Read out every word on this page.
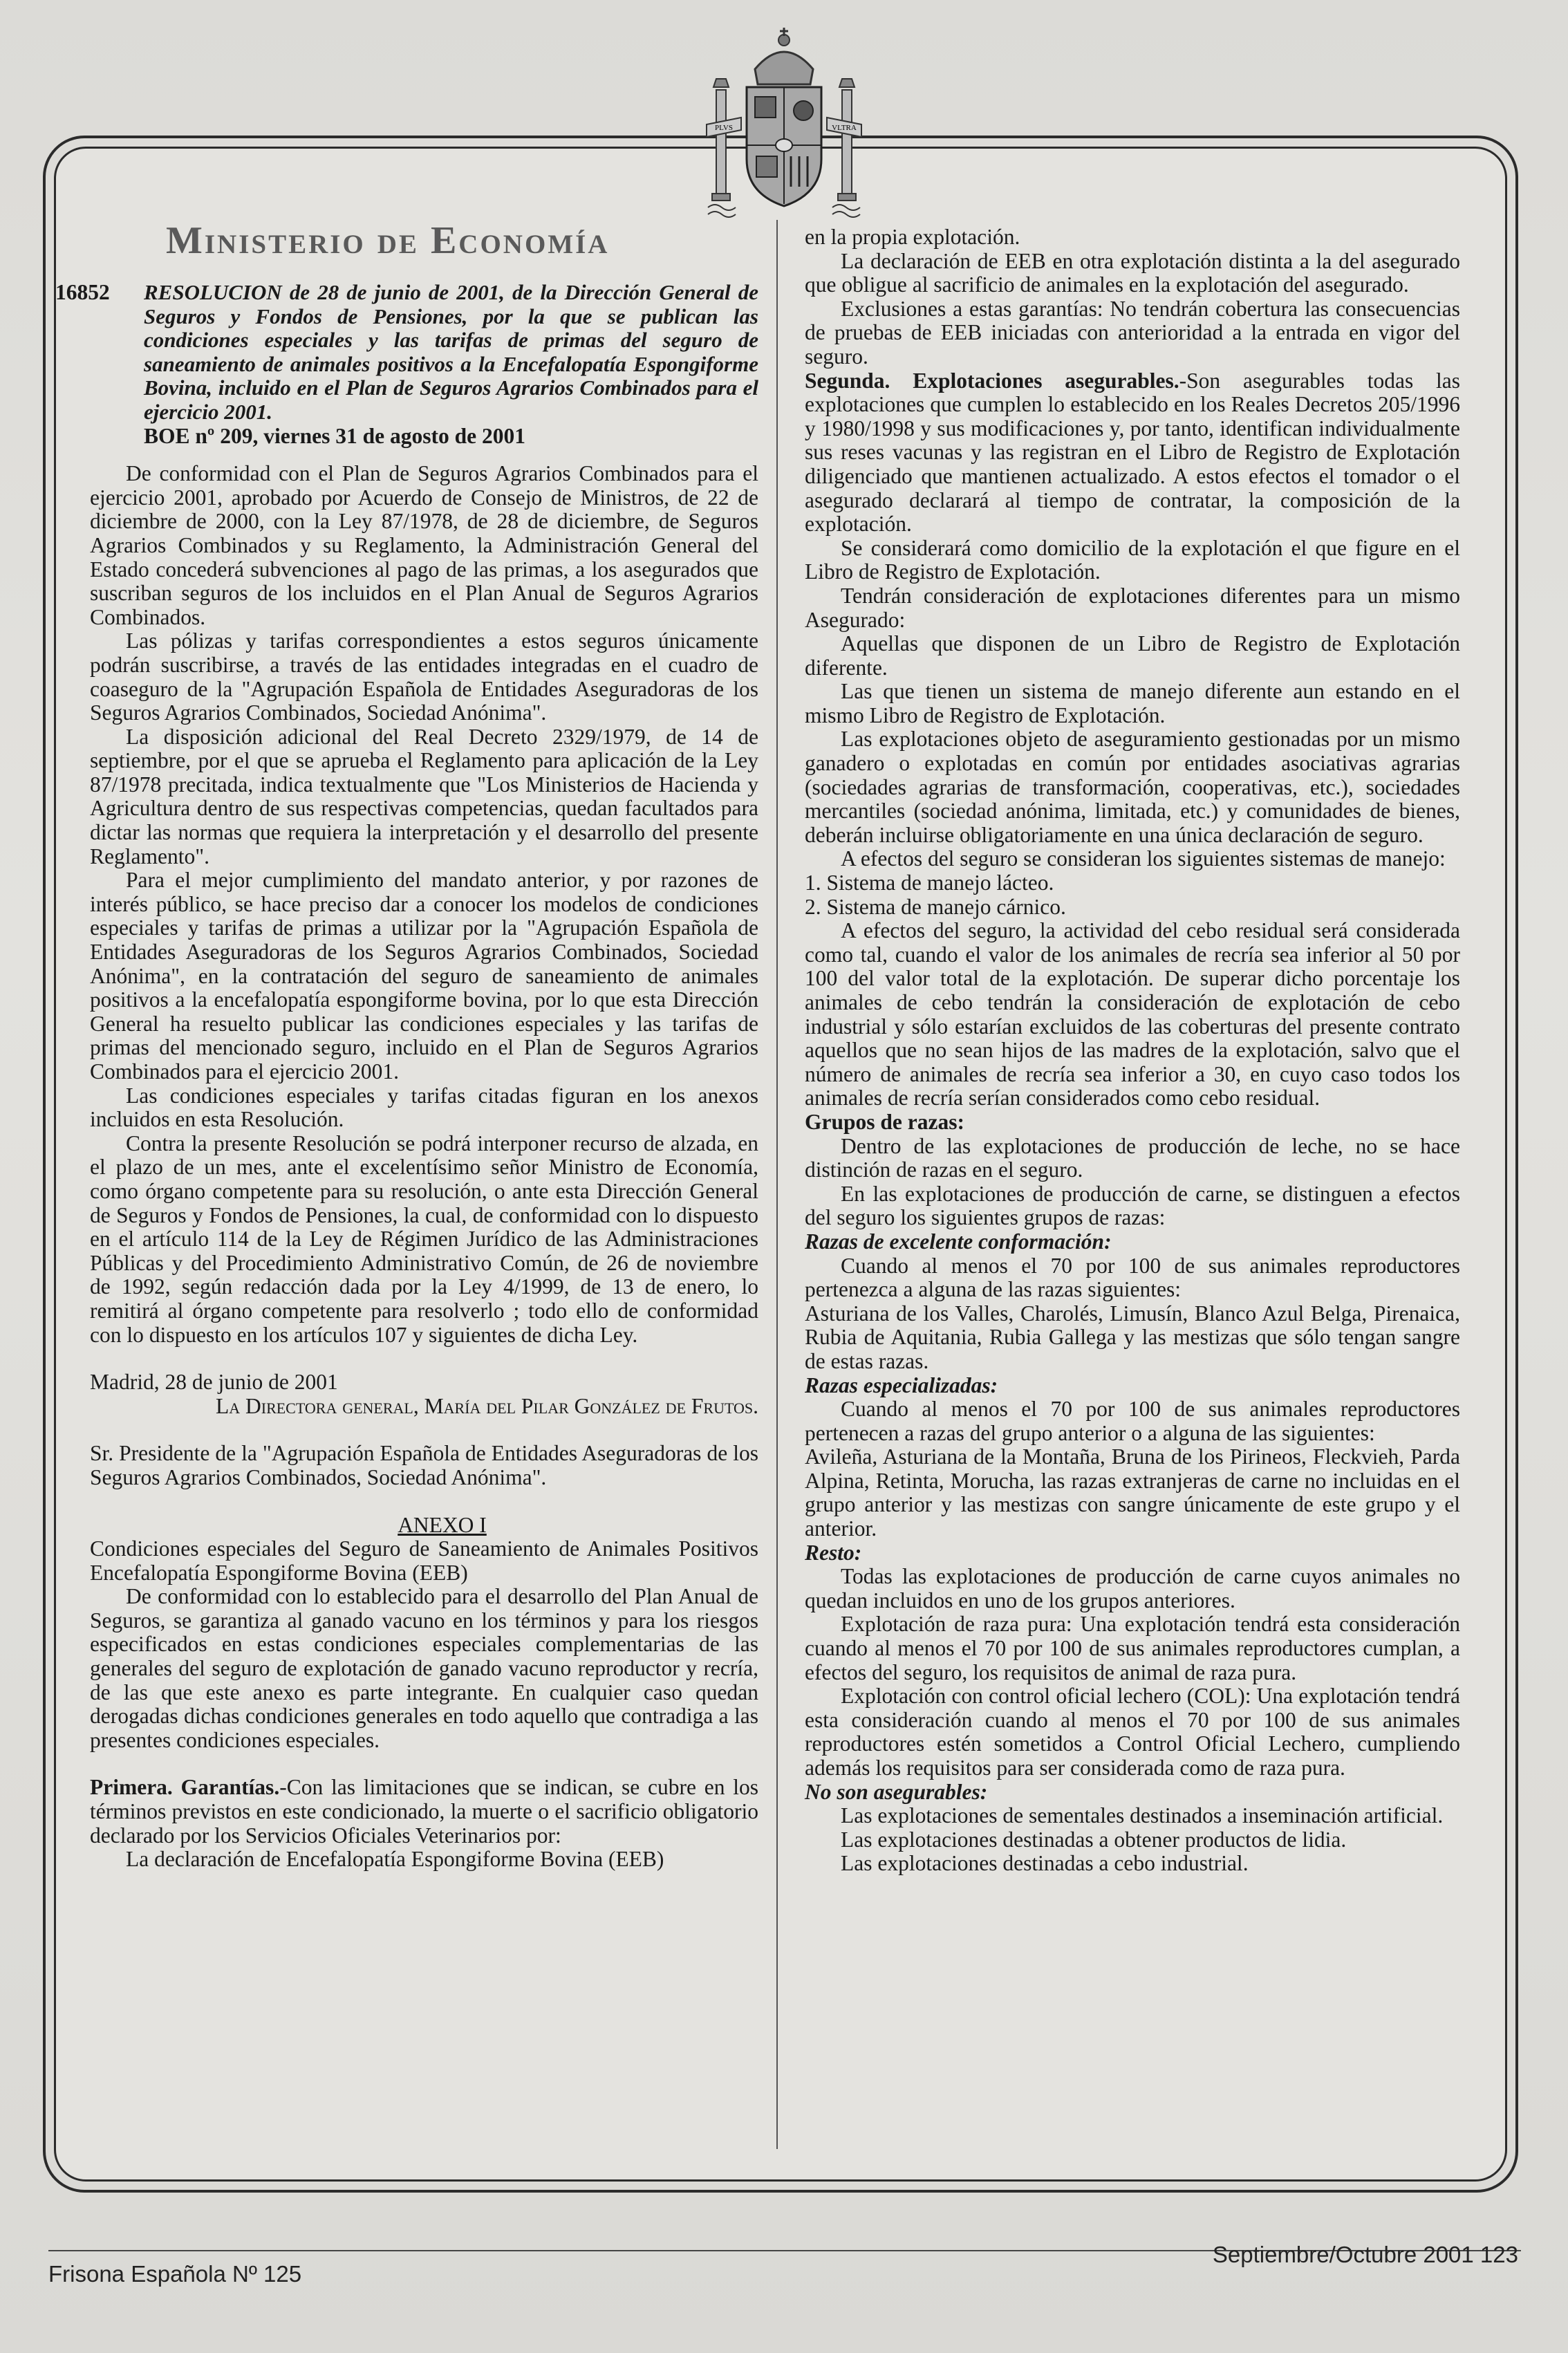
PLVS	VLTRA
Ministerio de Economía
16852	RESOLUCION de 28 de junio de 2001, de la Dirección General de Seguros y Fondos de Pensiones, por la que se publican las condiciones especiales y las tarifas de primas del seguro de saneamiento de animales positivos a la Encefalopatía Espongiforme Bovina, incluido en el Plan de Seguros Agrarios Combinados para el ejercicio 2001.
BOE nº 209, viernes 31 de agosto de 2001

De conformidad con el Plan de Seguros Agrarios Combinados para el ejercicio 2001, aprobado por Acuerdo de Consejo de Ministros, de 22 de diciembre de 2000, con la Ley 87/1978, de 28 de diciembre, de Seguros Agrarios Combinados y su Reglamento, la Administración General del Estado concederá subvenciones al pago de las primas, a los asegurados que suscriban seguros de los incluidos en el Plan Anual de Seguros Agrarios Combinados.

Las pólizas y tarifas correspondientes a estos seguros únicamente podrán suscribirse, a través de las entidades integradas en el cuadro de coaseguro de la "Agrupación Española de Entidades Aseguradoras de los Seguros Agrarios Combinados, Sociedad Anónima".

La disposición adicional del Real Decreto 2329/1979, de 14 de septiembre, por el que se aprueba el Reglamento para aplicación de la Ley 87/1978 precitada, indica textualmente que "Los Ministerios de Hacienda y Agricultura dentro de sus respectivas competencias, quedan facultados para dictar las normas que requiera la interpretación y el desarrollo del presente Reglamento".

Para el mejor cumplimiento del mandato anterior, y por razones de interés público, se hace preciso dar a conocer los modelos de condiciones especiales y tarifas de primas a utilizar por la "Agrupación Española de Entidades Aseguradoras de los Seguros Agrarios Combinados, Sociedad Anónima", en la contratación del seguro de saneamiento de animales positivos a la encefalopatía espongiforme bovina, por lo que esta Dirección General ha resuelto publicar las condiciones especiales y las tarifas de primas del mencionado seguro, incluido en el Plan de Seguros Agrarios Combinados para el ejercicio 2001.

Las condiciones especiales y tarifas citadas figuran en los anexos incluidos en esta Resolución.

Contra la presente Resolución se podrá interponer recurso de alzada, en el plazo de un mes, ante el excelentísimo señor Ministro de Economía, como órgano competente para su resolución, o ante esta Dirección General de Seguros y Fondos de Pensiones, la cual, de conformidad con lo dispuesto en el artículo 114 de la Ley de Régimen Jurídico de las Administraciones Públicas y del Procedimiento Administrativo Común, de 26 de noviembre de 1992, según redacción dada por la Ley 4/1999, de 13 de enero, lo remitirá al órgano competente para resolverlo ; todo ello de conformidad con lo dispuesto en los artículos 107 y siguientes de dicha Ley.

Madrid, 28 de junio de 2001

La Directora general, María del Pilar González de Frutos.

Sr. Presidente de la "Agrupación Española de Entidades Aseguradoras de los Seguros Agrarios Combinados, Sociedad Anónima".

ANEXO I

Condiciones especiales del Seguro de Saneamiento de Animales Positivos Encefalopatía Espongiforme Bovina (EEB)

De conformidad con lo establecido para el desarrollo del Plan Anual de Seguros, se garantiza al ganado vacuno en los términos y para los riesgos especificados en estas condiciones especiales complementarias de las generales del seguro de explotación de ganado vacuno reproductor y recría, de las que este anexo es parte integrante. En cualquier caso quedan derogadas dichas condiciones generales en todo aquello que contradiga a las presentes condiciones especiales.

Primera. Garantías.-Con las limitaciones que se indican, se cubre en los términos previstos en este condicionado, la muerte o el sacrificio obligatorio declarado por los Servicios Oficiales Veterinarios por:

La declaración de Encefalopatía Espongiforme Bovina (EEB)

en la propia explotación.

La declaración de EEB en otra explotación distinta a la del asegurado que obligue al sacrificio de animales en la explotación del asegurado.

Exclusiones a estas garantías: No tendrán cobertura las consecuencias de pruebas de EEB iniciadas con anterioridad a la entrada en vigor del seguro.

Segunda. Explotaciones asegurables.-Son asegurables todas las explotaciones que cumplen lo establecido en los Reales Decretos 205/1996 y 1980/1998 y sus modificaciones y, por tanto, identifican individualmente sus reses vacunas y las registran en el Libro de Registro de Explotación diligenciado que mantienen actualizado. A estos efectos el tomador o el asegurado declarará al tiempo de contratar, la composición de la explotación.

Se considerará como domicilio de la explotación el que figure en el Libro de Registro de Explotación.

Tendrán consideración de explotaciones diferentes para un mismo Asegurado:

Aquellas que disponen de un Libro de Registro de Explotación diferente.

Las que tienen un sistema de manejo diferente aun estando en el mismo Libro de Registro de Explotación.

Las explotaciones objeto de aseguramiento gestionadas por un mismo ganadero o explotadas en común por entidades asociativas agrarias (sociedades agrarias de transformación, cooperativas, etc.), sociedades mercantiles (sociedad anónima, limitada, etc.) y comunidades de bienes, deberán incluirse obligatoriamente en una única declaración de seguro.

A efectos del seguro se consideran los siguientes sistemas de manejo:

1. Sistema de manejo lácteo.

2. Sistema de manejo cárnico.

A efectos del seguro, la actividad del cebo residual será considerada como tal, cuando el valor de los animales de recría sea inferior al 50 por 100 del valor total de la explotación. De superar dicho porcentaje los animales de cebo tendrán la consideración de explotación de cebo industrial y sólo estarían excluidos de las coberturas del presente contrato aquellos que no sean hijos de las madres de la explotación, salvo que el número de animales de recría sea inferior a 30, en cuyo caso todos los animales de recría serían considerados como cebo residual.

Grupos de razas:

Dentro de las explotaciones de producción de leche, no se hace distinción de razas en el seguro.

En las explotaciones de producción de carne, se distinguen a efectos del seguro los siguientes grupos de razas:

Razas de excelente conformación:

Cuando al menos el 70 por 100 de sus animales reproductores pertenezca a alguna de las razas siguientes:

Asturiana de los Valles, Charolés, Limusín, Blanco Azul Belga, Pirenaica, Rubia de Aquitania, Rubia Gallega y las mestizas que sólo tengan sangre de estas razas.

Razas especializadas:

Cuando al menos el 70 por 100 de sus animales reproductores pertenecen a razas del grupo anterior o a alguna de las siguientes:

Avileña, Asturiana de la Montaña, Bruna de los Pirineos, Fleckvieh, Parda Alpina, Retinta, Morucha, las razas extranjeras de carne no incluidas en el grupo anterior y las mestizas con sangre únicamente de este grupo y el anterior.

Resto:

Todas las explotaciones de producción de carne cuyos animales no quedan incluidos en uno de los grupos anteriores.

Explotación de raza pura: Una explotación tendrá esta consideración cuando al menos el 70 por 100 de sus animales reproductores cumplan, a efectos del seguro, los requisitos de animal de raza pura.

Explotación con control oficial lechero (COL): Una explotación tendrá esta consideración cuando al menos el 70 por 100 de sus animales reproductores estén sometidos a Control Oficial Lechero, cumpliendo además los requisitos para ser considerada como de raza pura.

No son asegurables:

Las explotaciones de sementales destinados a inseminación artificial.

Las explotaciones destinadas a obtener productos de lidia.

Las explotaciones destinadas a cebo industrial.

Frisona Española Nº 125
Septiembre/Octubre 2001 123
